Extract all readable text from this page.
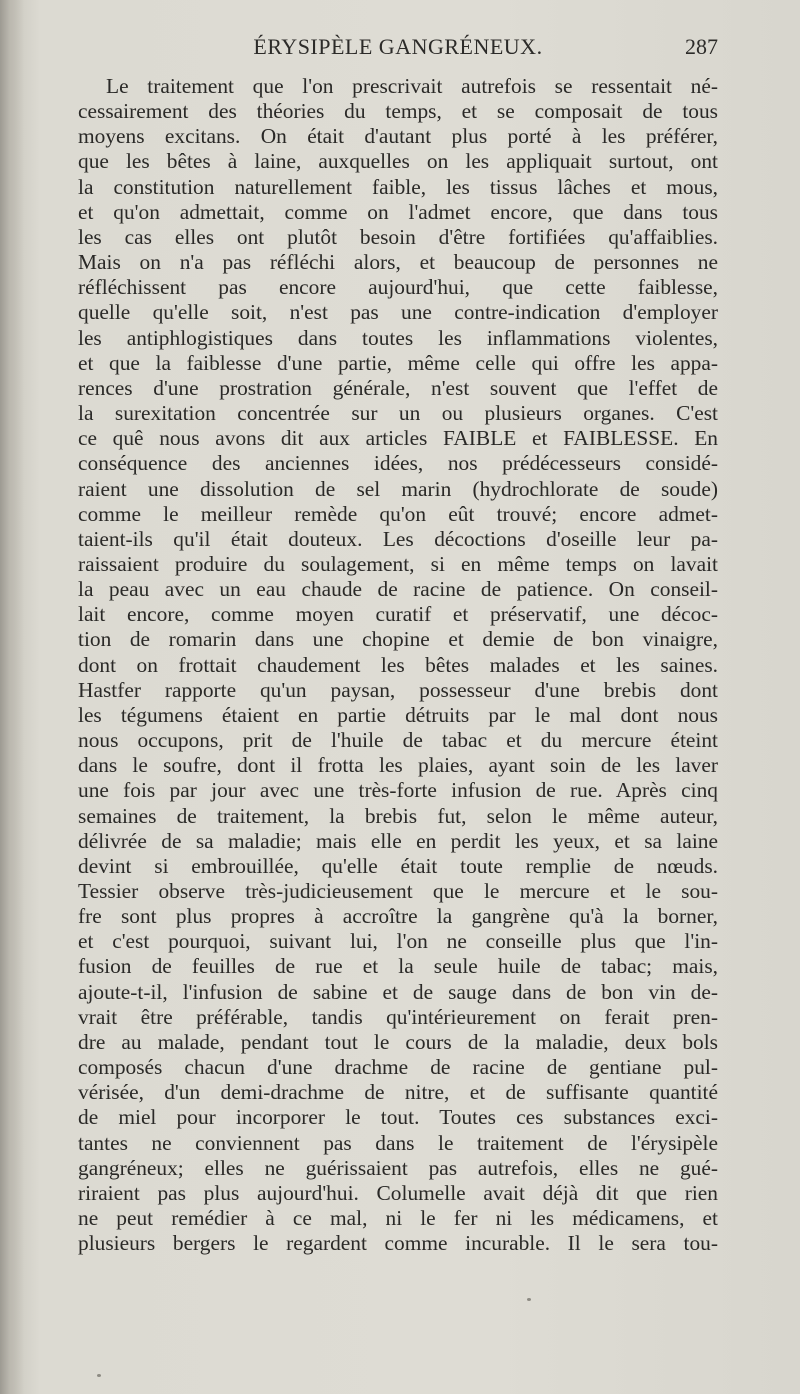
ÉRYSIPÈLE GANGRÉNEUX.	287
Le traitement que l'on prescrivait autrefois se ressentait né-
cessairement des théories du temps, et se composait de tous
moyens excitans. On était d'autant plus porté à les préférer,
que les bêtes à laine, auxquelles on les appliquait surtout, ont
la constitution naturellement faible, les tissus lâches et mous,
et qu'on admettait, comme on l'admet encore, que dans tous
les cas elles ont plutôt besoin d'être fortifiées qu'affaiblies.
Mais on n'a pas réfléchi alors, et beaucoup de personnes ne
réfléchissent pas encore aujourd'hui, que cette faiblesse,
quelle qu'elle soit, n'est pas une contre-indication d'employer
les antiphlogistiques dans toutes les inflammations violentes,
et que la faiblesse d'une partie, même celle qui offre les appa-
rences d'une prostration générale, n'est souvent que l'effet de
la surexitation concentrée sur un ou plusieurs organes. C'est
ce quê nous avons dit aux articles FAIBLE et FAIBLESSE. En
conséquence des anciennes idées, nos prédécesseurs considé-
raient une dissolution de sel marin (hydrochlorate de soude)
comme le meilleur remède qu'on eût trouvé; encore admet-
taient-ils qu'il était douteux. Les décoctions d'oseille leur pa-
raissaient produire du soulagement, si en même temps on lavait
la peau avec un eau chaude de racine de patience. On conseil-
lait encore, comme moyen curatif et préservatif, une décoc-
tion de romarin dans une chopine et demie de bon vinaigre,
dont on frottait chaudement les bêtes malades et les saines.
Hastfer rapporte qu'un paysan, possesseur d'une brebis dont
les tégumens étaient en partie détruits par le mal dont nous
nous occupons, prit de l'huile de tabac et du mercure éteint
dans le soufre, dont il frotta les plaies, ayant soin de les laver
une fois par jour avec une très-forte infusion de rue. Après cinq
semaines de traitement, la brebis fut, selon le même auteur,
délivrée de sa maladie; mais elle en perdit les yeux, et sa laine
devint si embrouillée, qu'elle était toute remplie de nœuds.
Tessier observe très-judicieusement que le mercure et le sou-
fre sont plus propres à accroître la gangrène qu'à la borner,
et c'est pourquoi, suivant lui, l'on ne conseille plus que l'in-
fusion de feuilles de rue et la seule huile de tabac; mais,
ajoute-t-il, l'infusion de sabine et de sauge dans de bon vin de-
vrait être préférable, tandis qu'intérieurement on ferait pren-
dre au malade, pendant tout le cours de la maladie, deux bols
composés chacun d'une drachme de racine de gentiane pul-
vérisée, d'un demi-drachme de nitre, et de suffisante quantité
de miel pour incorporer le tout. Toutes ces substances exci-
tantes ne conviennent pas dans le traitement de l'érysipèle
gangréneux; elles ne guérissaient pas autrefois, elles ne gué-
riraient pas plus aujourd'hui. Columelle avait déjà dit que rien
ne peut remédier à ce mal, ni le fer ni les médicamens, et
plusieurs bergers le regardent comme incurable. Il le sera tou-
